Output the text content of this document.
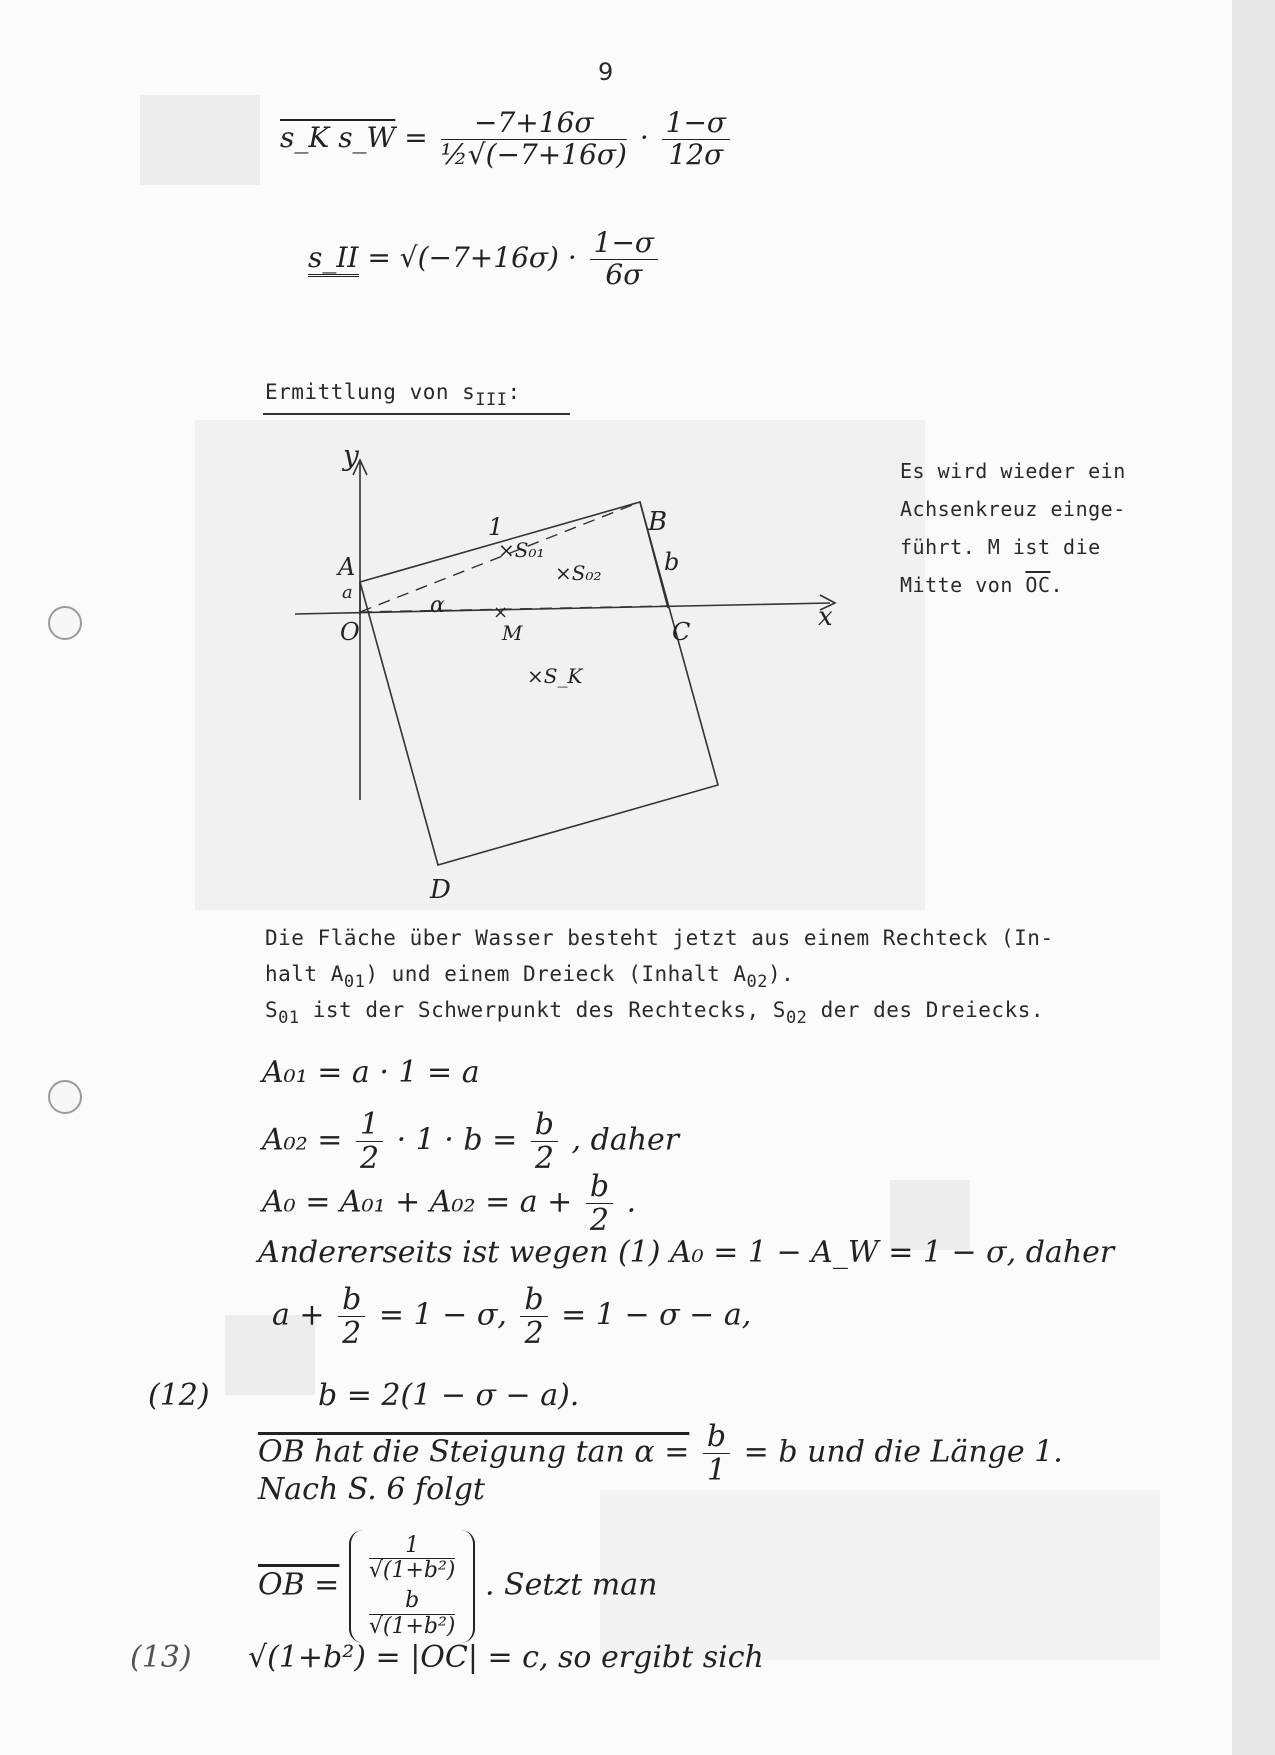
9
s_K s_W = $\frac{-7+16\sigma}{\text{½√(−7+16σ)}} \cdot \frac{1-\sigma}{12\sigma}$
s_II = $√(-7+16\sigma) \cdot \frac{1-\sigma}{6\sigma}$
Ermittlung von $s_{III}$:
y
x
A
a
O
1	B
b
C
α
M
×
×S₀₁
×S₀₂
×S_K
D
Es wird wieder ein
Achsenkreuz einge-
führt. M ist die
Mitte von $\overline{OC}$.
Die Fläche über Wasser besteht jetzt aus einem Rechteck (In-
halt $A_{01}$) und einem Dreieck (Inhalt $A_{02}$).
$S_{01}$ ist der Schwerpunkt des Rechtecks, $S_{02}$ der des Dreiecks.
A₀₁ = a · 1 = a
$A_{02} = \frac{1}{2} \cdot 1 \cdot b = \frac{b}{2}$ , daher
$A_0 = A_{01} + A_{02} = a + \frac{b}{2}$ .
Andererseits ist wegen (1) A₀ = 1 − A_W = 1 − σ, daher
$a + \frac{b}{2} = 1 - \sigma$, $\frac{b}{2} = 1 - \sigma - a$,
(12)	b = 2(1 − σ − a).
OB hat die Steigung $\tan \alpha = \frac{b}{1} = b$ und die Länge 1.
Nach S. 6 folgt
OB =
1
√(1+b²)
b
√(1+b²)
. Setzt man
(13) √(1+b²) = |OC| = c, so ergibt sich
